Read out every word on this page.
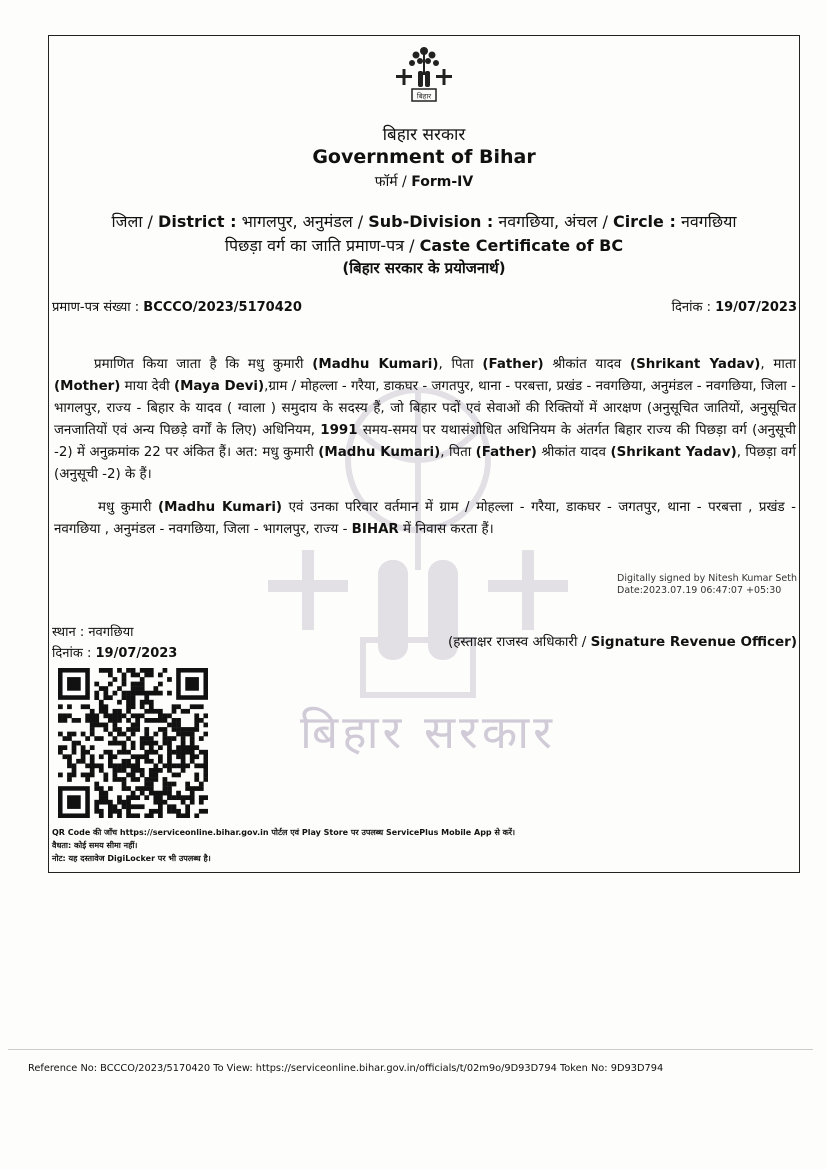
बिहार सरकार
बिहार
बिहार सरकार
Government of Bihar
फॉर्म / Form-IV
जिला / District : भागलपुर, अनुमंडल / Sub-Division : नवगछिया, अंचल / Circle : नवगछिया
पिछड़ा वर्ग का जाति प्रमाण-पत्र / Caste Certificate of BC
(बिहार सरकार के प्रयोजनार्थ)
प्रमाण-पत्र संख्या : BCCCO/2023/5170420	दिनांक : 19/07/2023
प्रमाणित किया जाता है कि मधु कुमारी (Madhu Kumari), पिता (Father) श्रीकांत यादव (Shrikant Yadav), माता (Mother) माया देवी (Maya Devi),ग्राम / मोहल्ला - गरैया, डाकघर - जगतपुर, थाना - परबत्ता, प्रखंड - नवगछिया, अनुमंडल - नवगछिया, जिला - भागलपुर, राज्य - बिहार के यादव ( ग्वाला ) समुदाय के सदस्य हैं, जो बिहार पदों एवं सेवाओं की रिक्तियों में आरक्षण (अनुसूचित जातियों, अनुसूचित जनजातियों एवं अन्य पिछड़े वर्गों के लिए) अधिनियम, 1991 समय-समय पर यथासंशोधित अधिनियम के अंतर्गत बिहार राज्य की पिछड़ा वर्ग (अनुसूची -2) में अनुक्रमांक 22 पर अंकित हैं। अत: मधु कुमारी (Madhu Kumari), पिता (Father) श्रीकांत यादव (Shrikant Yadav), पिछड़ा वर्ग (अनुसूची -2) के हैं।
मधु कुमारी (Madhu Kumari) एवं उनका परिवार वर्तमान में ग्राम / मोहल्ला - गरैया, डाकघर - जगतपुर, थाना - परबत्ता , प्रखंड - नवगछिया , अनुमंडल - नवगछिया, जिला - भागलपुर, राज्य - BIHAR में निवास करता हैं।
Digitally signed by Nitesh Kumar Seth
Date:2023.07.19 06:47:07 +05:30
स्थान : नवगछिया
दिनांक : 19/07/2023
(हस्ताक्षर राजस्व अधिकारी / Signature Revenue Officer)
QR Code की जाँच https://serviceonline.bihar.gov.in पोर्टल एवं Play Store पर उपलब्ध ServicePlus Mobile App से करें।
वैधता: कोई समय सीमा नहीं।
नोट: यह दस्तावेज DigiLocker पर भी उपलब्ध है।
Reference No: BCCCO/2023/5170420 To View: https://serviceonline.bihar.gov.in/officials/t/02m9o/9D93D794 Token No: 9D93D794
